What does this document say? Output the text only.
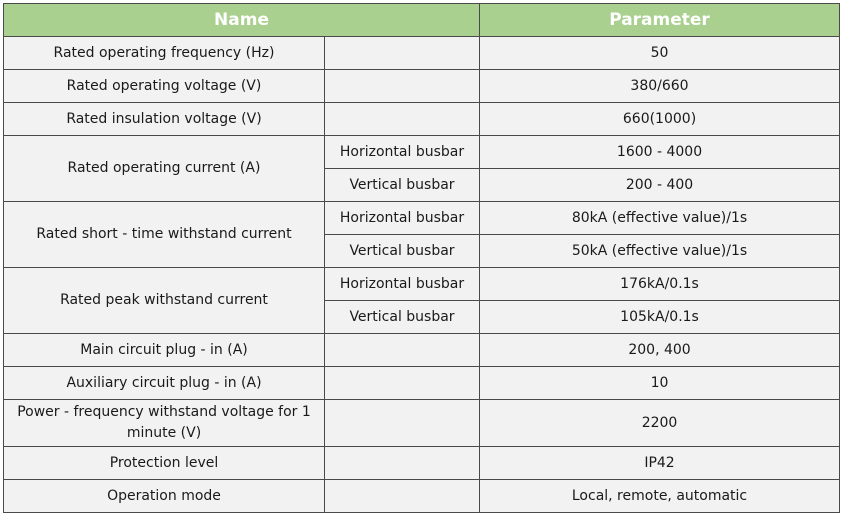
Name		Parameter
Rated operating frequency (Hz)		50
Rated operating voltage (V)		380/660
Rated insulation voltage (V)		660(1000)
Rated operating current (A)	Horizontal busbar	1600 - 4000
	Vertical busbar	200 - 400
Rated short - time withstand current	Horizontal busbar	80kA (effective value)/1s
	Vertical busbar	50kA (effective value)/1s
Rated peak withstand current	Horizontal busbar	176kA/0.1s
	Vertical busbar	105kA/0.1s
Main circuit plug - in (A)		200, 400
Auxiliary circuit plug - in (A)		10
Power - frequency withstand voltage for 1 minute (V)		2200
Protection level		IP42
Operation mode		Local, remote, automatic
